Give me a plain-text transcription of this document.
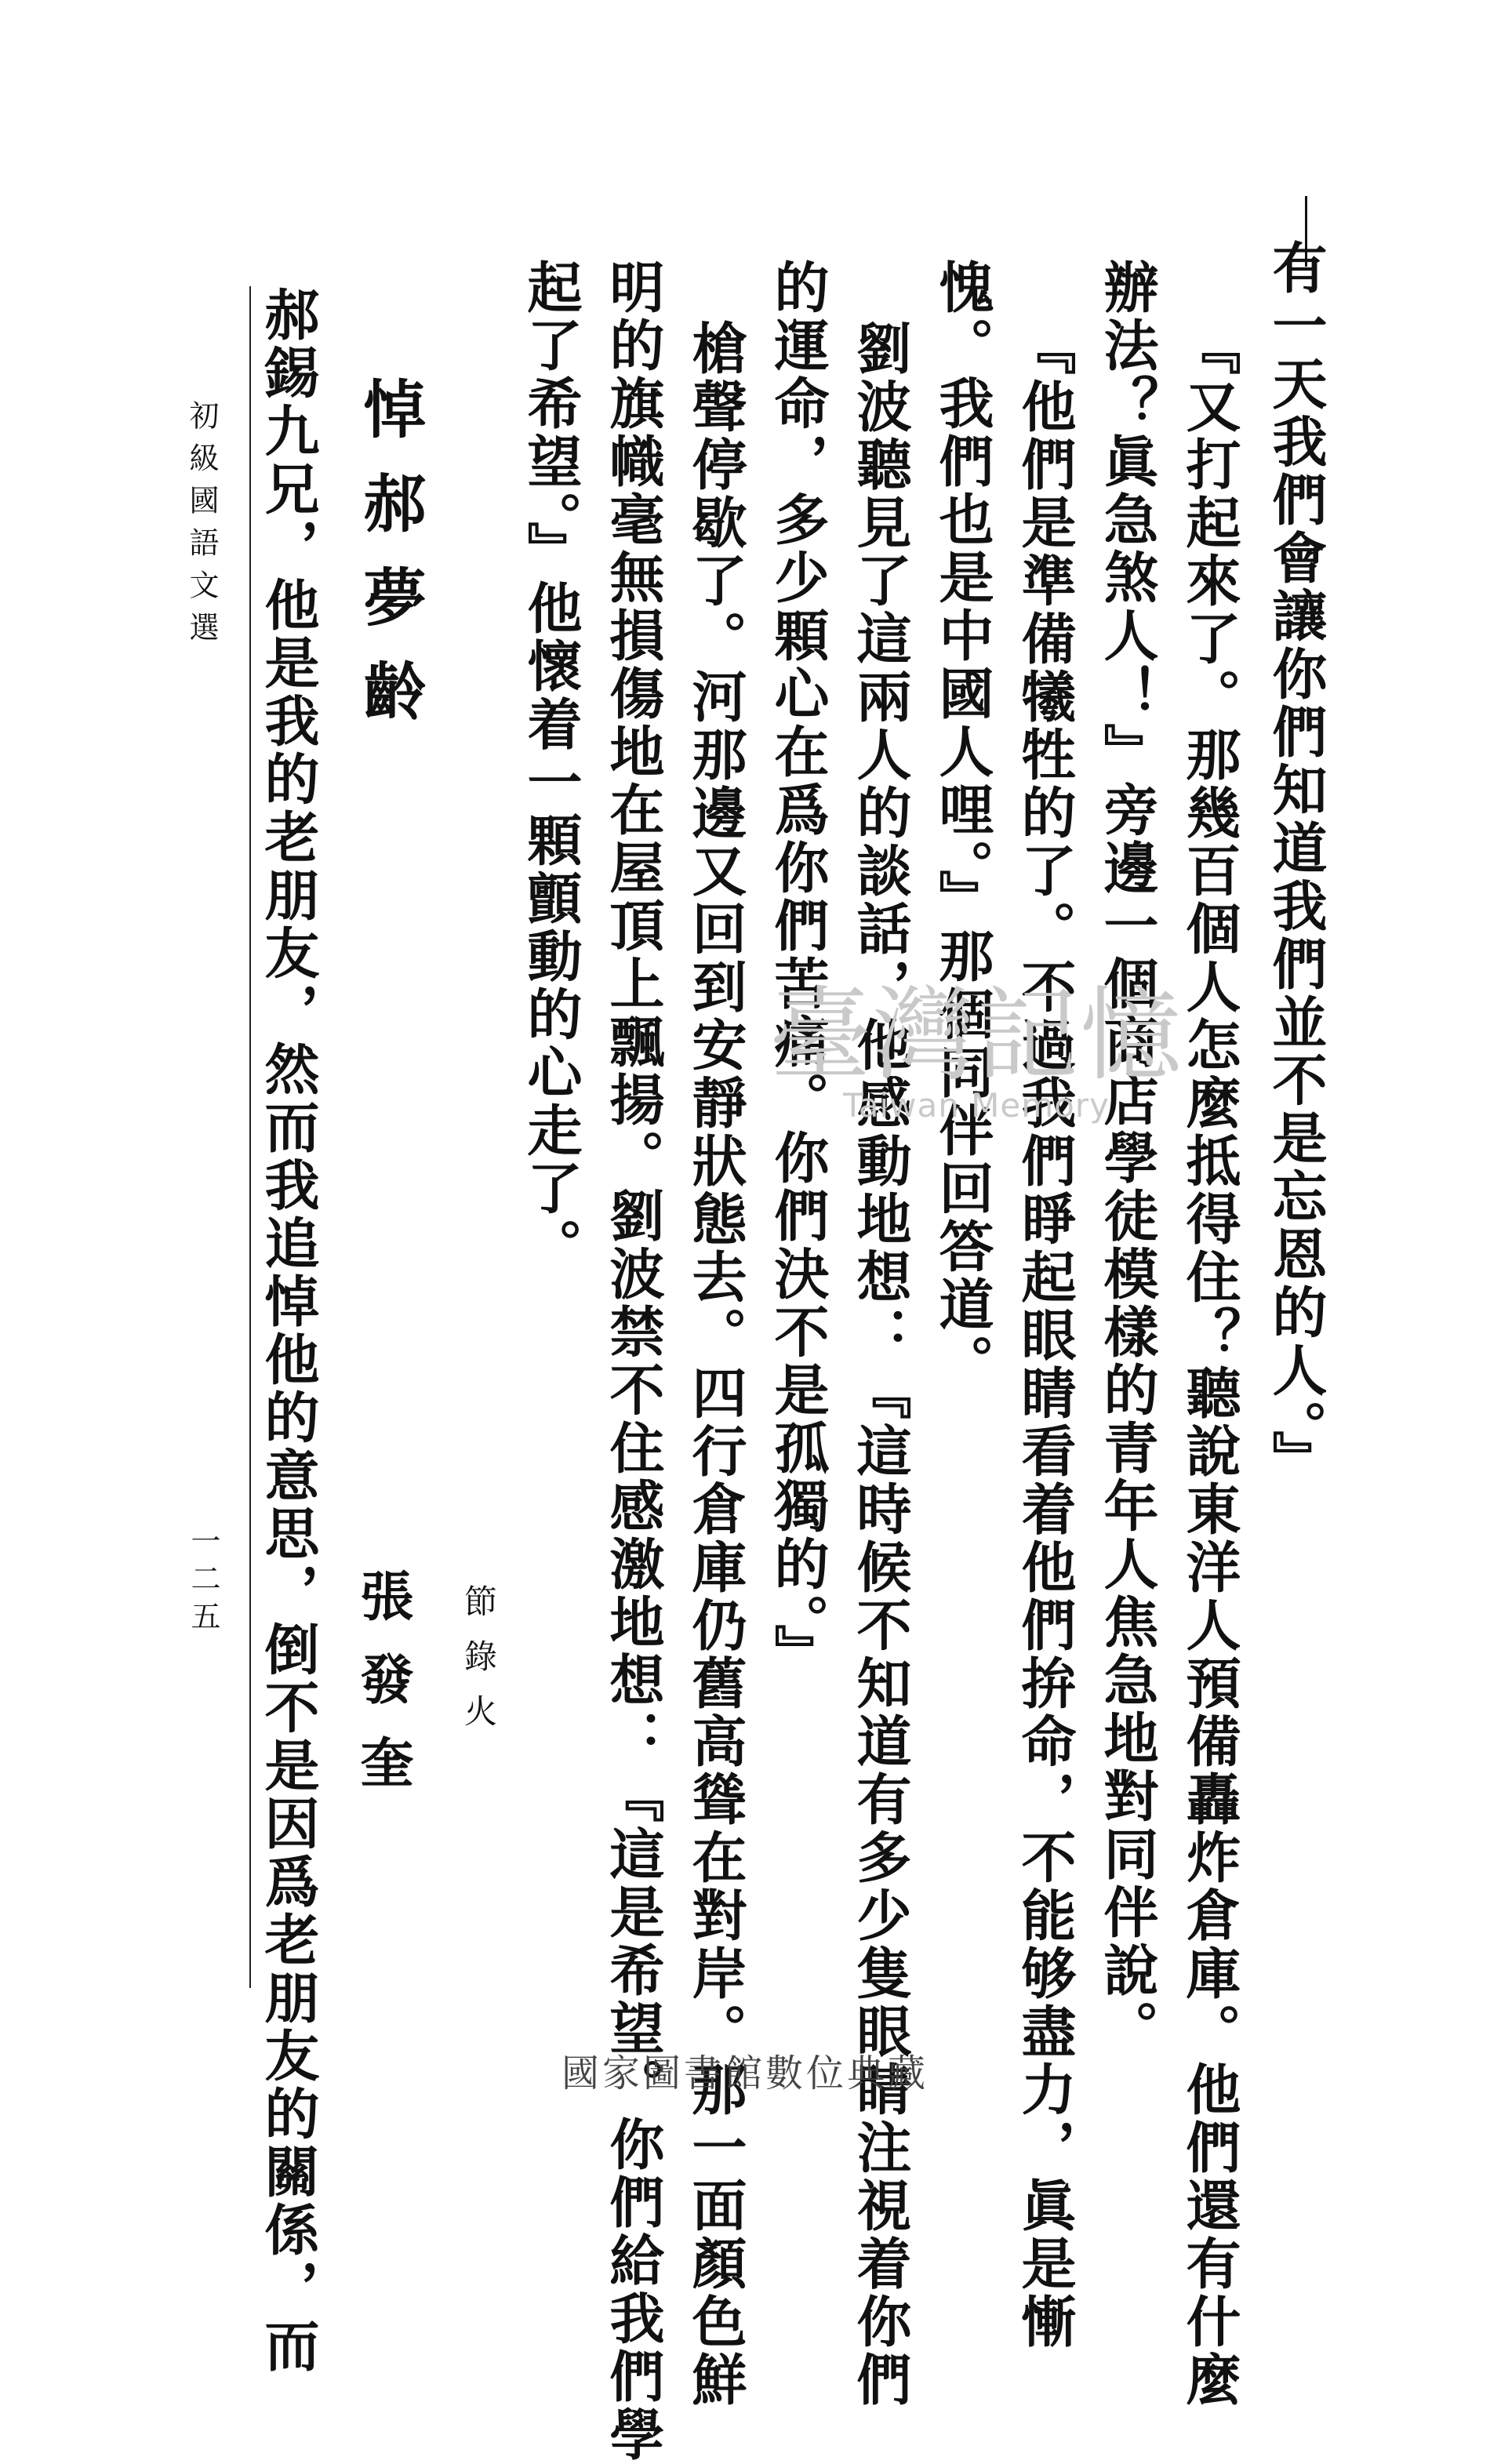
有一天我們會讓你們知道我們並不是忘恩的人。』
『又打起來了。那幾百個人怎麼抵得住？聽說東洋人預備轟炸倉庫。他們還有什麼
辦法？眞急煞人！』旁邊一個商店學徒模樣的青年人焦急地對同伴說。
『他們是準備犧牲的了。不過我們睜起眼睛看着他們拚命，不能够盡力，眞是慚
愧。我們也是中國人哩。』那個同伴回答道。
劉波聽見了這兩人的談話，他感動地想：『這時候不知道有多少隻眼睛注視着你們
的運命，多少顆心在爲你們苦痛。你們決不是孤獨的。』
槍聲停歇了。河那邊又回到安靜狀態去。四行倉庫仍舊高聳在對岸。那一面顏色鮮
明的旗幟毫無損傷地在屋頂上飄揚。劉波禁不住感激地想：『這是希望。你們給我們學
起了希望。』他懷着一顆顫動的心走了。
節錄火
悼郝夢齡
張發奎
郝錫九兄，他是我的老朋友，然而我追悼他的意思，倒不是因爲老朋友的關係，而
初級國語文選
一二五
臺灣記憶
Taiwan Memory
國家圖書館數位典藏
